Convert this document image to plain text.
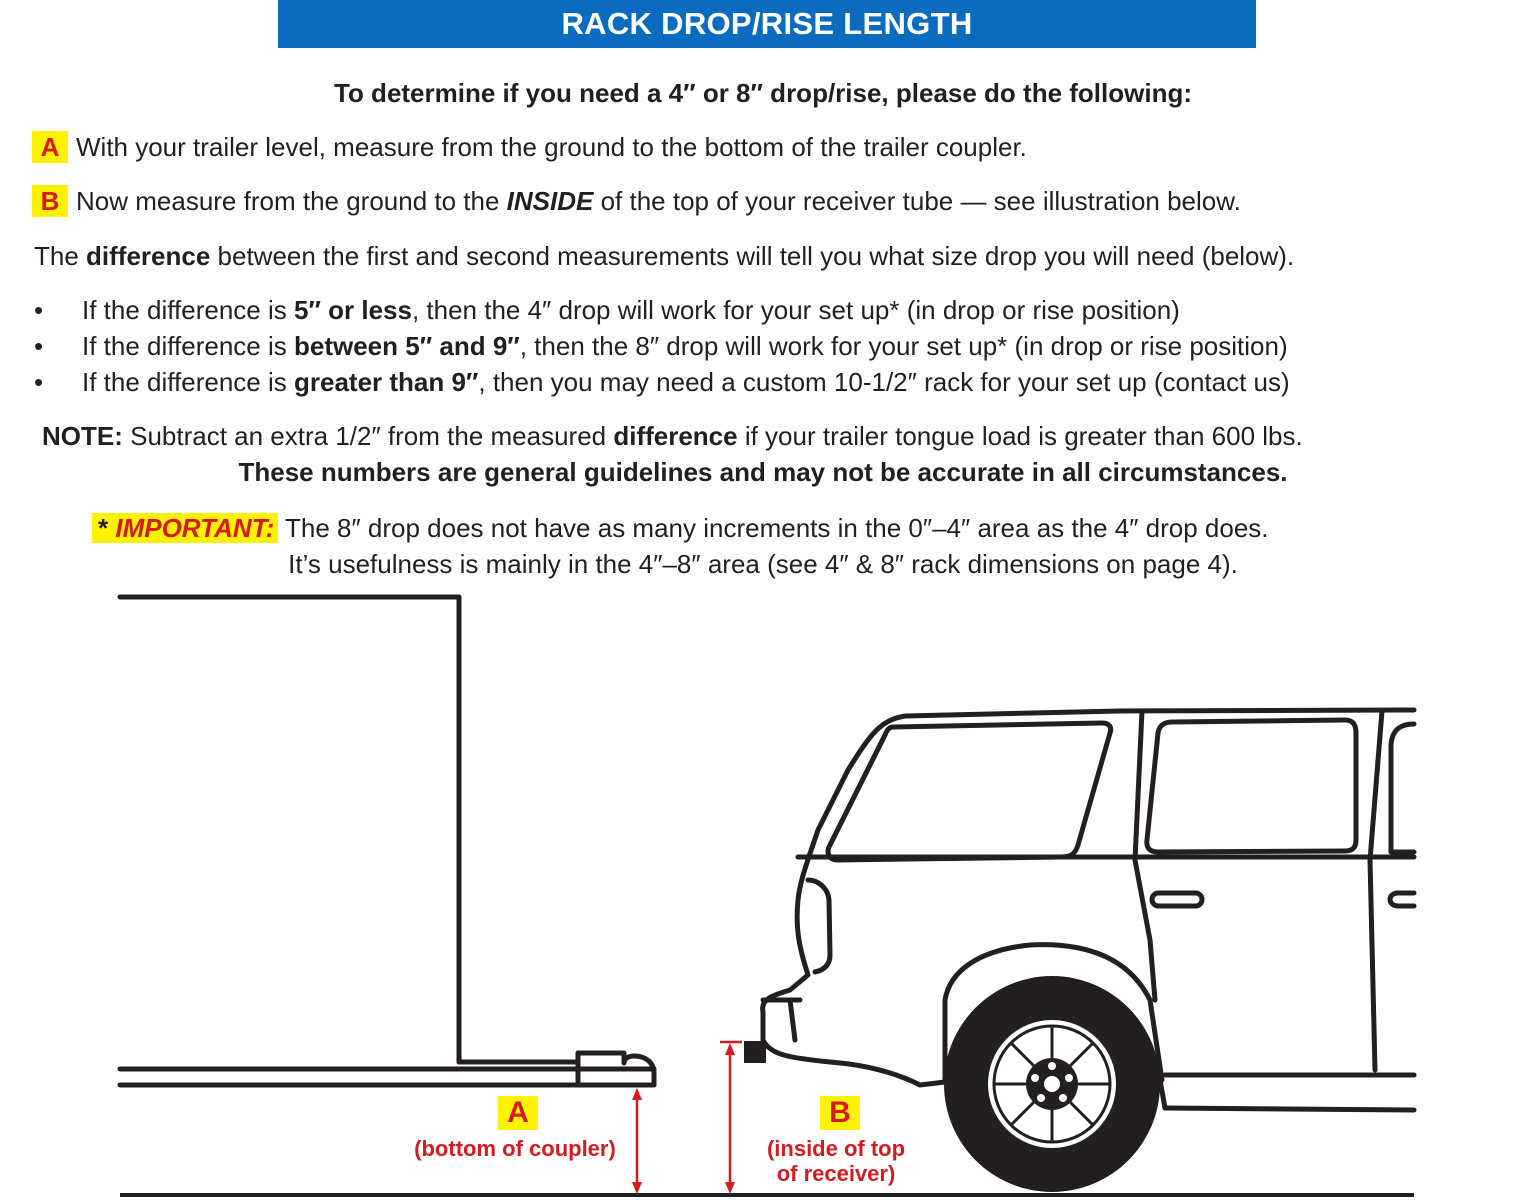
RACK DROP/RISE LENGTH
To determine if you need a 4″ or 8″ drop/rise, please do the following:
A With your trailer level, measure from the ground to the bottom of the trailer coupler.
B Now measure from the ground to the INSIDE of the top of your receiver tube — see illustration below.
The difference between the first and second measurements will tell you what size drop you will need (below).
• If the difference is 5″ or less, then the 4″ drop will work for your set up* (in drop or rise position)
• If the difference is between 5″ and 9″, then the 8″ drop will work for your set up* (in drop or rise position)
• If the difference is greater than 9″, then you may need a custom 10-1/2″ rack for your set up (contact us)
NOTE: Subtract an extra 1/2″ from the measured difference if your trailer tongue load is greater than 600 lbs.
These numbers are general guidelines and may not be accurate in all circumstances.
* IMPORTANT: The 8″ drop does not have as many increments in the 0″–4″ area as the 4″ drop does.
It’s usefulness is mainly in the 4″–8″ area (see 4″ & 8″ rack dimensions on page 4).
A
(bottom of coupler)
B
(inside of top
of receiver)
